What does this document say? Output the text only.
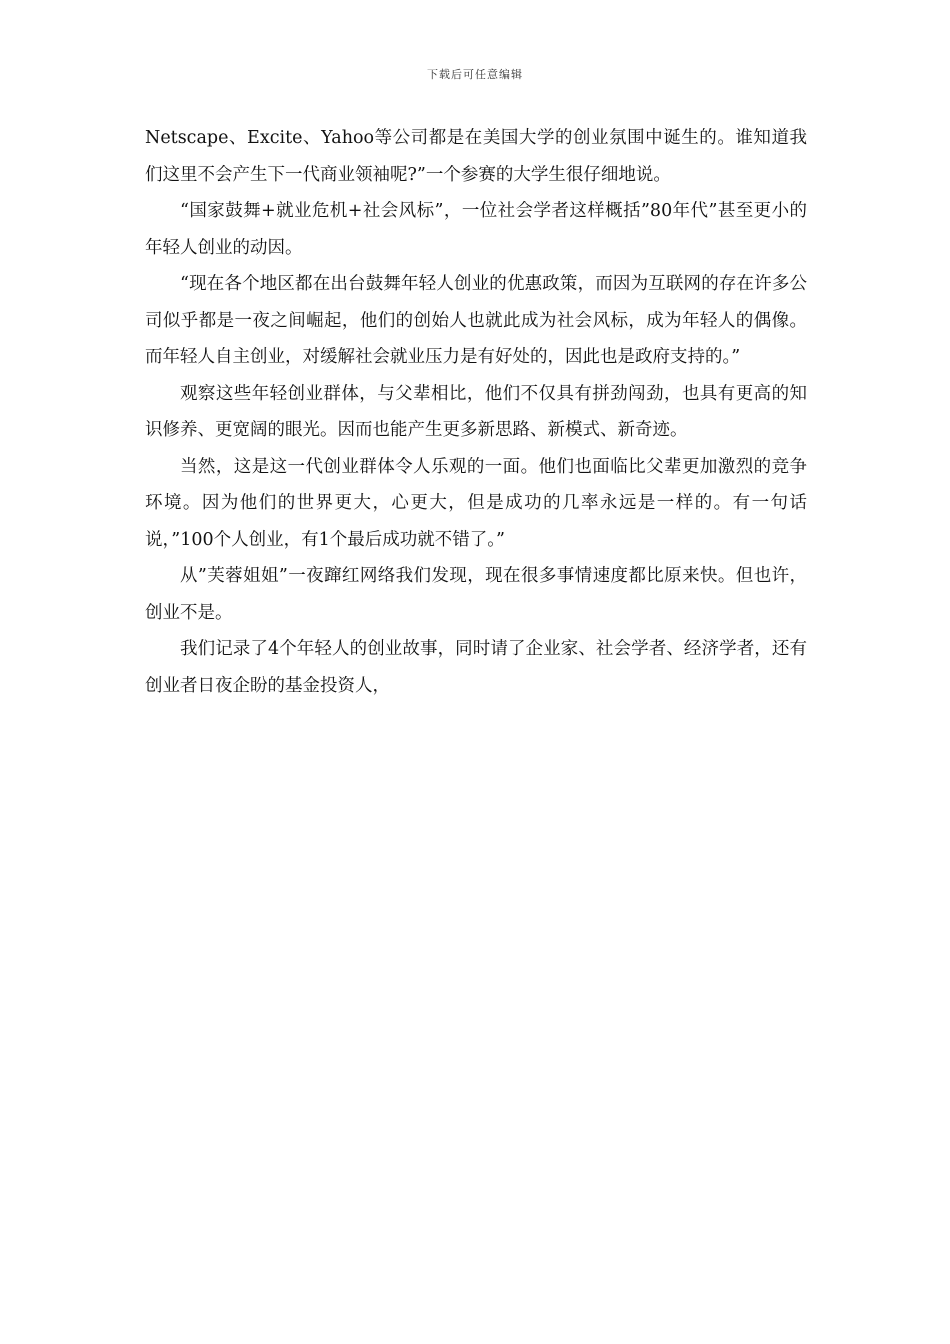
下载后可任意编辑

Netscape、Excite、Yahoo等公司都是在美国大学的创业氛围中诞生的。谁知道我们这里不会产生下一代商业领袖呢?”一个参赛的大学生很仔细地说。

“国家鼓舞+就业危机+社会风标”，一位社会学者这样概括”80年代”甚至更小的年轻人创业的动因。

“现在各个地区都在出台鼓舞年轻人创业的优惠政策，而因为互联网的存在许多公司似乎都是一夜之间崛起，他们的创始人也就此成为社会风标，成为年轻人的偶像。而年轻人自主创业，对缓解社会就业压力是有好处的，因此也是政府支持的。”

观察这些年轻创业群体，与父辈相比，他们不仅具有拼劲闯劲，也具有更高的知识修养、更宽阔的眼光。因而也能产生更多新思路、新模式、新奇迹。

当然，这是这一代创业群体令人乐观的一面。他们也面临比父辈更加激烈的竞争环境。因为他们的世界更大，心更大，但是成功的几率永远是一样的。有一句话说，”100个人创业，有1个最后成功就不错了。”

从”芙蓉姐姐”一夜蹿红网络我们发现，现在很多事情速度都比原来快。但也许，创业不是。

我们记录了4个年轻人的创业故事，同时请了企业家、社会学者、经济学者，还有创业者日夜企盼的基金投资人，
